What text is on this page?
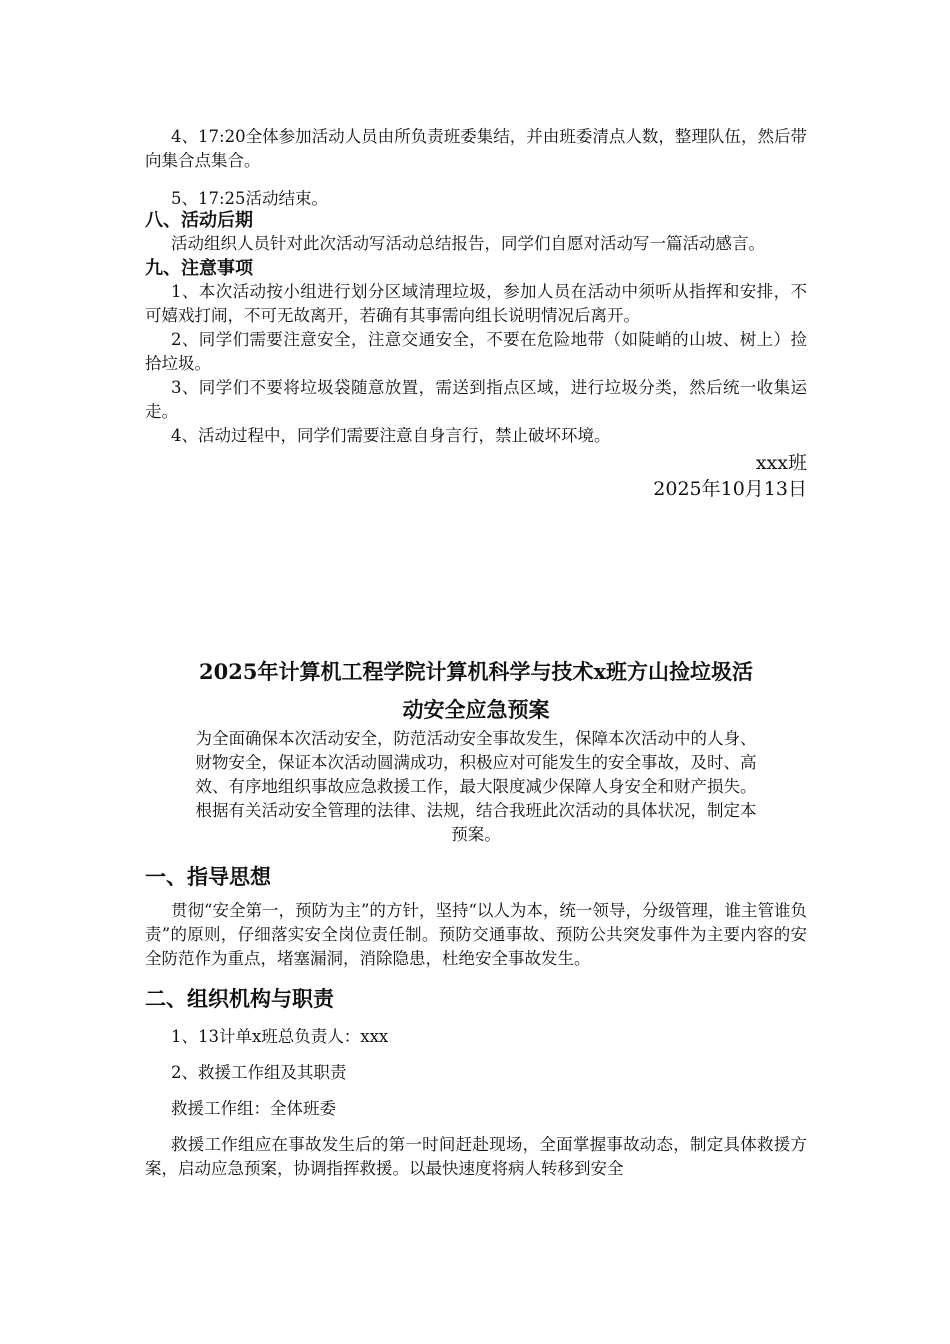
4、17:20全体参加活动人员由所负责班委集结，并由班委清点人数，整理队伍，然后带向集合点集合。

5、17:25活动结束。

八、活动后期

活动组织人员针对此次活动写活动总结报告，同学们自愿对活动写一篇活动感言。

九、注意事项

1、本次活动按小组进行划分区域清理垃圾，参加人员在活动中须听从指挥和安排，不可嬉戏打闹，不可无故离开，若确有其事需向组长说明情况后离开。

2、同学们需要注意安全，注意交通安全，不要在危险地带（如陡峭的山坡、树上）捡拾垃圾。

3、同学们不要将垃圾袋随意放置，需送到指点区域，进行垃圾分类，然后统一收集运走。

4、活动过程中，同学们需要注意自身言行，禁止破坏环境。

xxx班

2025年10月13日

2025年计算机工程学院计算机科学与技术x班方山捡垃圾活

动安全应急预案

为全面确保本次活动安全，防范活动安全事故发生，保障本次活动中的人身、

财物安全，保证本次活动圆满成功，积极应对可能发生的安全事故，及时、高

效、有序地组织事故应急救援工作，最大限度减少保障人身安全和财产损失。

根据有关活动安全管理的法律、法规，结合我班此次活动的具体状况，制定本

预案。

一、指导思想

贯彻“安全第一，预防为主”的方针，坚持“以人为本，统一领导，分级管理，谁主管谁负责”的原则，仔细落实安全岗位责任制。预防交通事故、预防公共突发事件为主要内容的安全防范作为重点，堵塞漏洞，消除隐患，杜绝安全事故发生。

二、组织机构与职责

1、13计单x班总负责人：xxx

2、救援工作组及其职责

救援工作组：全体班委

救援工作组应在事故发生后的第一时间赶赴现场，全面掌握事故动态，制定具体救援方案，启动应急预案，协调指挥救援。以最快速度将病人转移到安全
